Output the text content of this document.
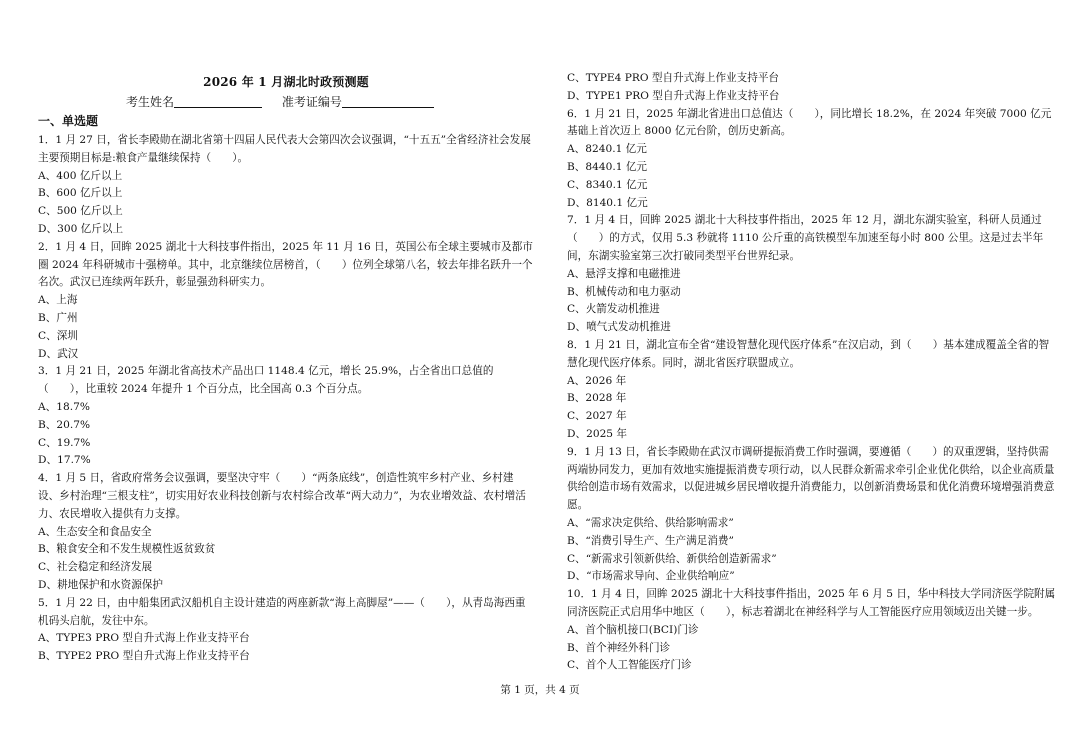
2026 年 1 月湖北时政预测题
考生姓名	准考证编号
一、单选题

1．1 月 27 日，省长李殿勋在湖北省第十四届人民代表大会第四次会议强调，“十五五”全省经济社会发展主要预期目标是:粮食产量继续保持（　　）。

A、400 亿斤以上

B、600 亿斤以上

C、500 亿斤以上

D、300 亿斤以上

2．1 月 4 日，回眸 2025 湖北十大科技事件指出，2025 年 11 月 16 日，英国公布全球主要城市及都市圈 2024 年科研城市十强榜单。其中，北京继续位居榜首，（　　）位列全球第八名，较去年排名跃升一个名次。武汉已连续两年跃升，彰显强劲科研实力。

A、上海

B、广州

C、深圳

D、武汉

3．1 月 21 日，2025 年湖北省高技术产品出口 1148.4 亿元，增长 25.9%，占全省出口总值的（　　），比重较 2024 年提升 1 个百分点，比全国高 0.3 个百分点。

A、18.7%

B、20.7%

C、19.7%

D、17.7%

4．1 月 5 日，省政府常务会议强调，要坚决守牢（　　）“两条底线”，创造性筑牢乡村产业、乡村建设、乡村治理“三根支柱”，切实用好农业科技创新与农村综合改革“两大动力”，为农业增效益、农村增活力、农民增收入提供有力支撑。

A、生态安全和食品安全

B、粮食安全和不发生规模性返贫致贫

C、社会稳定和经济发展

D、耕地保护和水资源保护

5．1 月 22 日，由中船集团武汉船机自主设计建造的两座新款“海上高脚屋”——（　　），从青岛海西重机码头启航，发往中东。

A、TYPE3 PRO 型自升式海上作业支持平台

B、TYPE2 PRO 型自升式海上作业支持平台

C、TYPE4 PRO 型自升式海上作业支持平台

D、TYPE1 PRO 型自升式海上作业支持平台

6．1 月 21 日，2025 年湖北省进出口总值达（　　），同比增长 18.2%，在 2024 年突破 7000 亿元基础上首次迈上 8000 亿元台阶，创历史新高。

A、8240.1 亿元

B、8440.1 亿元

C、8340.1 亿元

D、8140.1 亿元

7．1 月 4 日，回眸 2025 湖北十大科技事件指出，2025 年 12 月，湖北东湖实验室，科研人员通过（　　）的方式，仅用 5.3 秒就将 1110 公斤重的高铁模型车加速至每小时 800 公里。这是过去半年间，东湖实验室第三次打破同类型平台世界纪录。

A、悬浮支撑和电磁推进

B、机械传动和电力驱动

C、火箭发动机推进

D、喷气式发动机推进

8．1 月 21 日，湖北宣布全省“建设智慧化现代医疗体系”在汉启动，到（　　）基本建成覆盖全省的智慧化现代医疗体系。同时，湖北省医疗联盟成立。

A、2026 年

B、2028 年

C、2027 年

D、2025 年

9．1 月 13 日，省长李殿勋在武汉市调研提振消费工作时强调，要遵循（　　）的双重逻辑，坚持供需两端协同发力，更加有效地实施提振消费专项行动，以人民群众新需求牵引企业优化供给，以企业高质量供给创造市场有效需求，以促进城乡居民增收提升消费能力，以创新消费场景和优化消费环境增强消费意愿。

A、“需求决定供给、供给影响需求”

B、“消费引导生产、生产满足消费”

C、“新需求引领新供给、新供给创造新需求”

D、“市场需求导向、企业供给响应”

10．1 月 4 日，回眸 2025 湖北十大科技事件指出，2025 年 6 月 5 日，华中科技大学同济医学院附属同济医院正式启用华中地区（　　），标志着湖北在神经科学与人工智能医疗应用领域迈出关键一步。

A、首个脑机接口(BCI)门诊

B、首个神经外科门诊

C、首个人工智能医疗门诊

第 1 页，共 4 页
